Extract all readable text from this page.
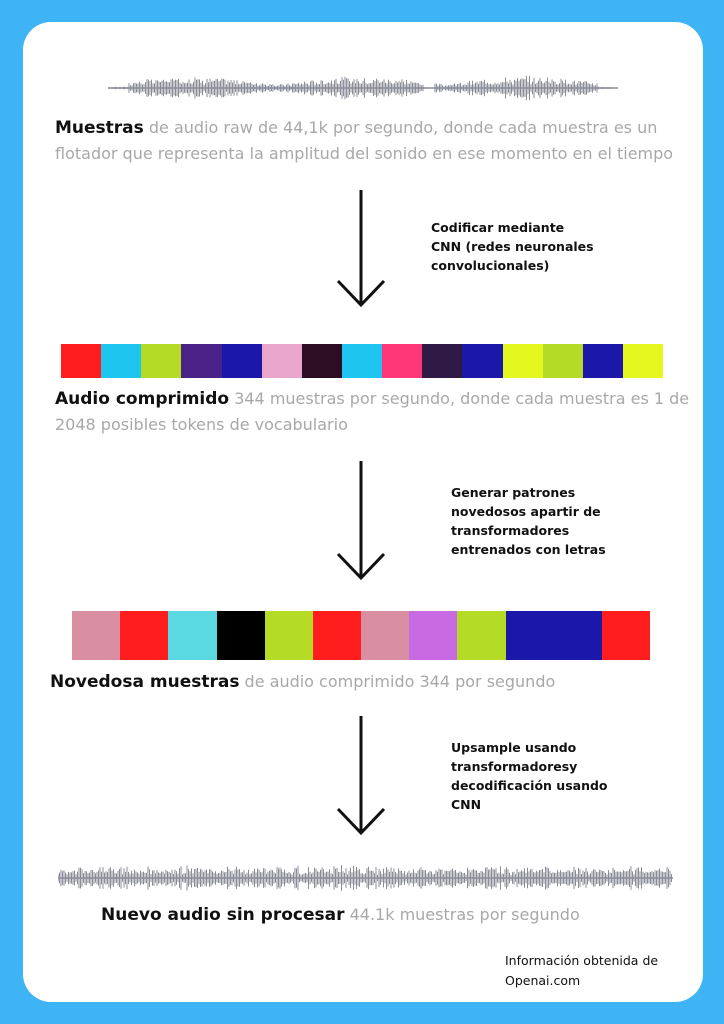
Muestras de audio raw de 44,1k por segundo, donde cada muestra es un flotador que representa la amplitud del sonido en ese momento en el tiempo

Codificar mediante
CNN (redes neuronales
convolucionales)

Audio comprimido 344 muestras por segundo, donde cada muestra es 1 de 2048 posibles tokens de vocabulario

Generar patrones
novedosos apartir de
transformadores
entrenados con letras

Novedosa muestras de audio comprimido 344 por segundo

Upsample usando
transformadoresy
decodificación usando
CNN

Nuevo audio sin procesar 44.1k muestras por segundo

Información obtenida de
Openai.com
